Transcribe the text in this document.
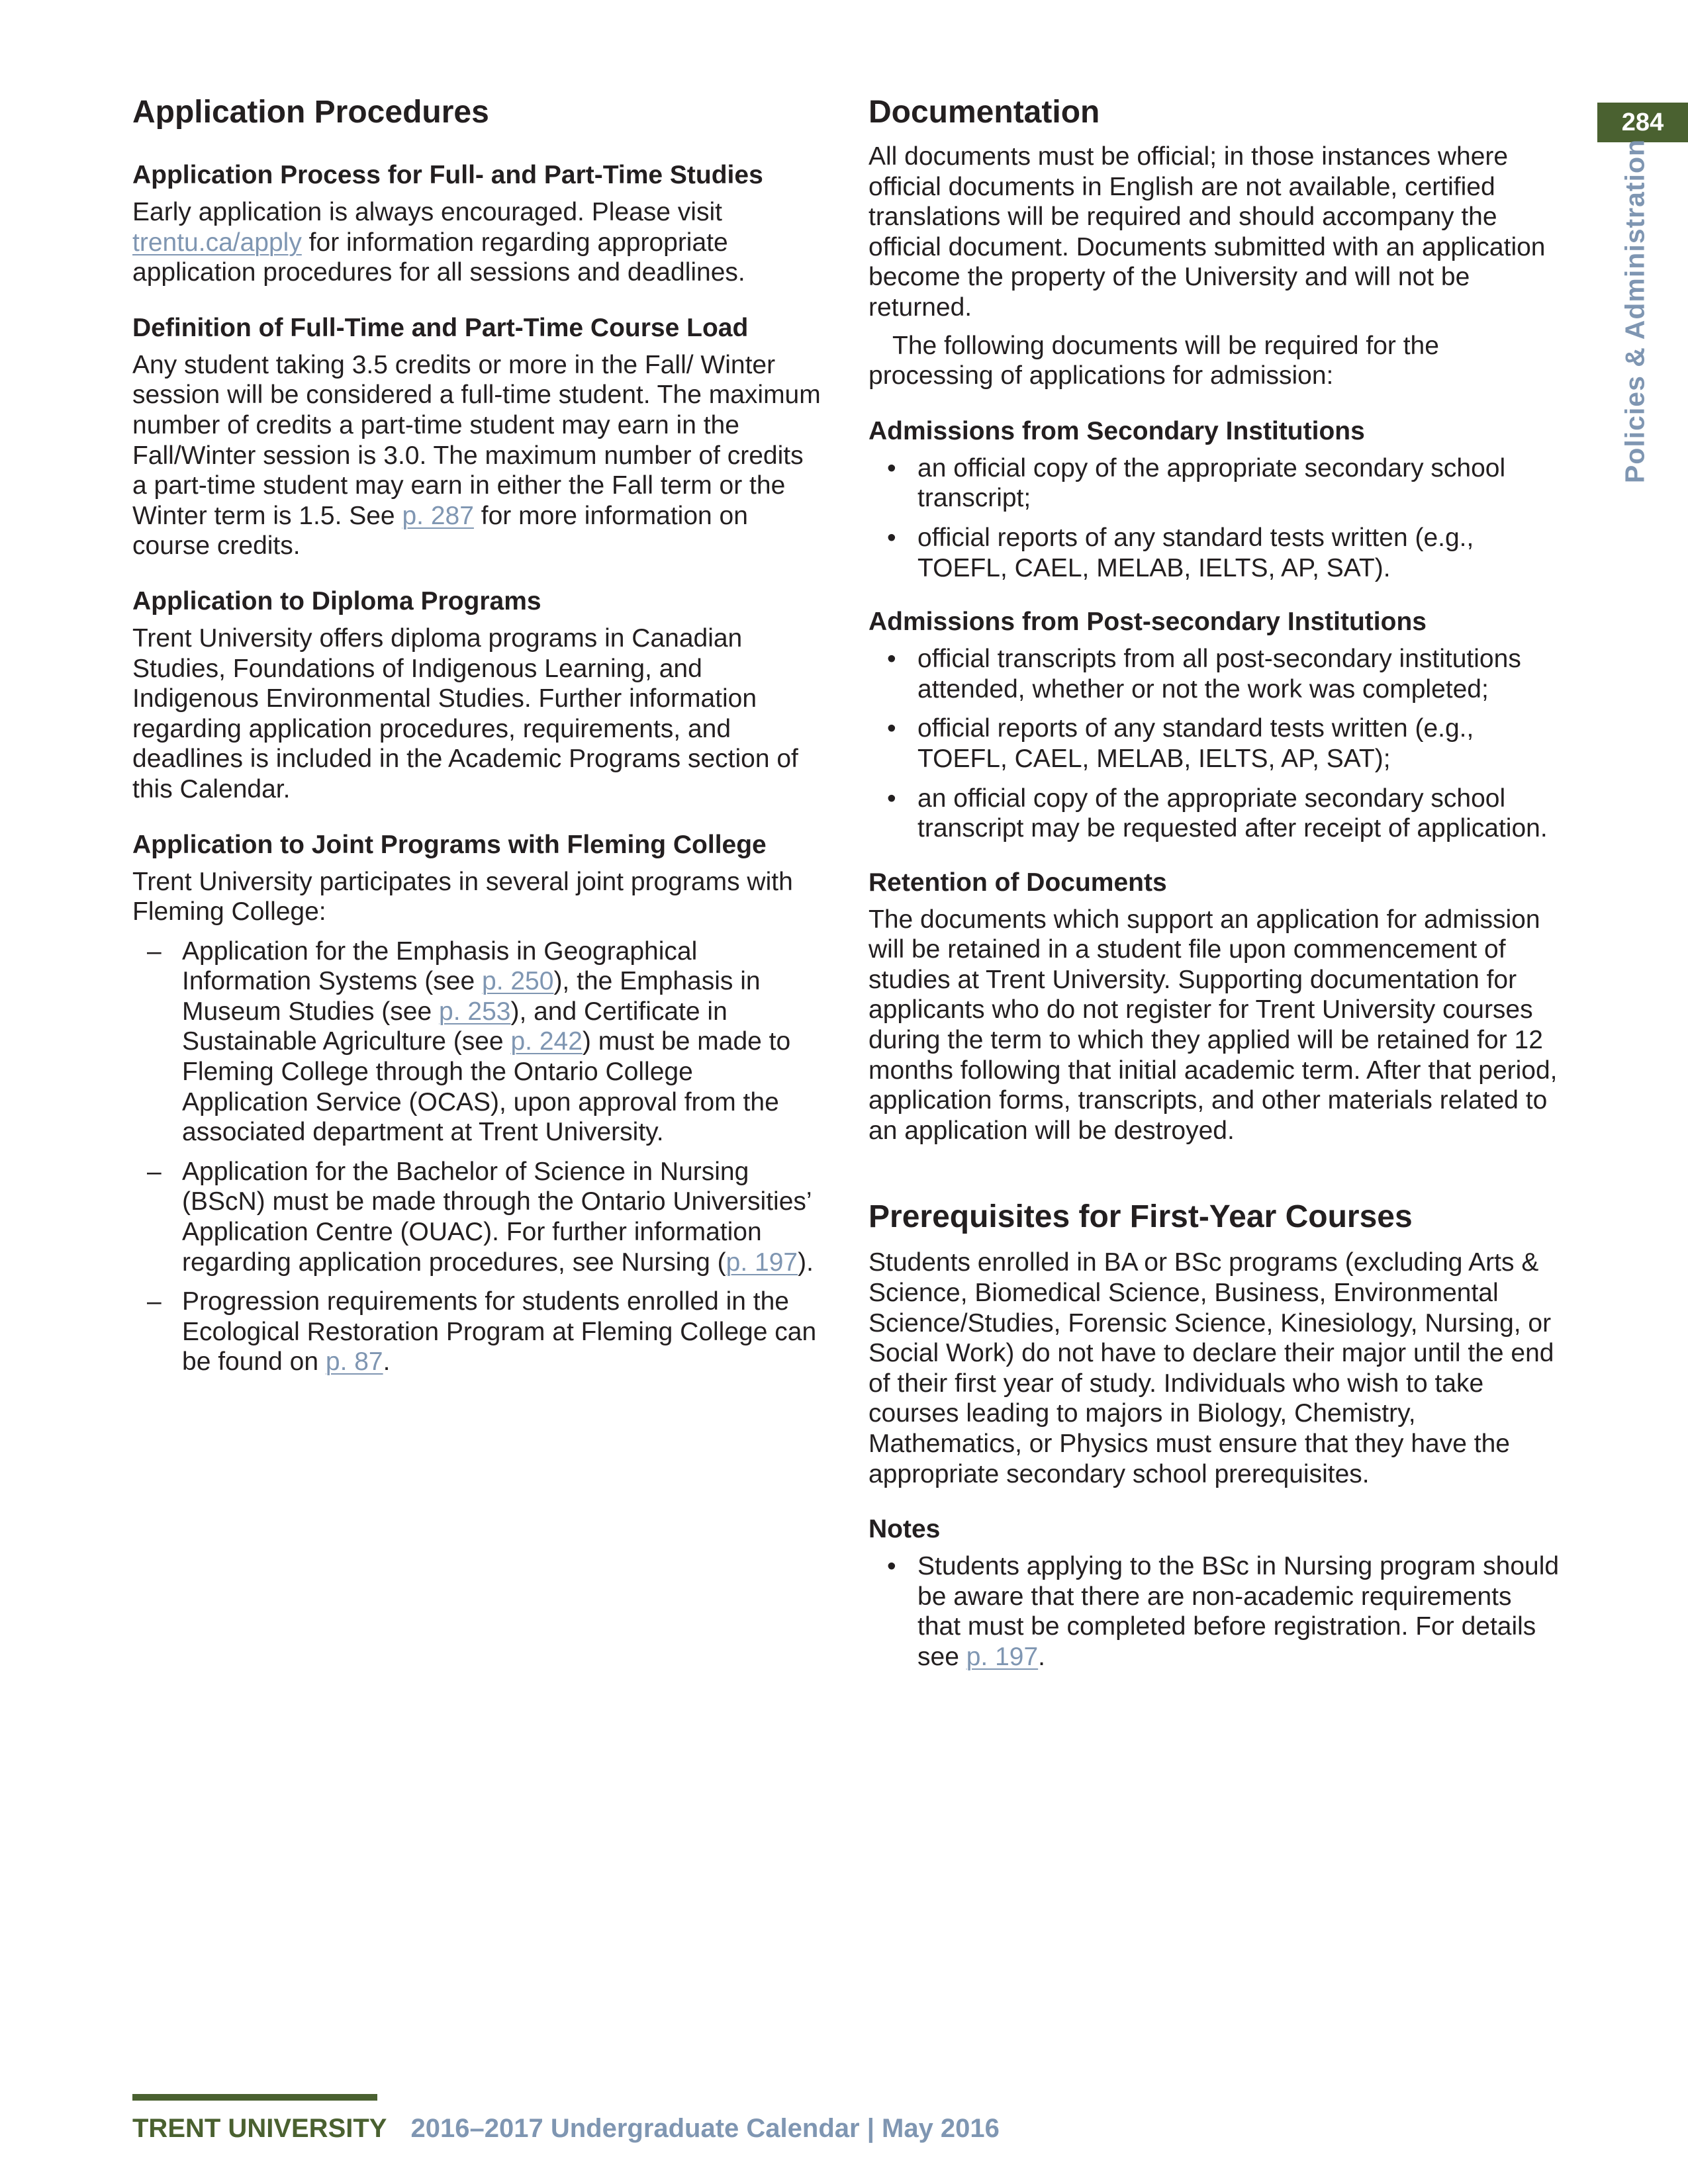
284
Policies & Administration
Application Procedures
Application Process for Full- and Part-Time Studies

Early application is always encouraged. Please visit trentu.ca/apply for information regarding appropriate application procedures for all sessions and deadlines.

Definition of Full-Time and Part-Time Course Load

Any student taking 3.5 credits or more in the Fall/ Winter session will be considered a full-time student. The maximum number of credits a part-time student may earn in the Fall/Winter session is 3.0. The maximum number of credits a part-time student may earn in either the Fall term or the Winter term is 1.5. See p. 287 for more information on course credits.

Application to Diploma Programs

Trent University offers diploma programs in Canadian Studies, Foundations of Indigenous Learning, and Indigenous Environmental Studies. Further information regarding application procedures, requirements, and deadlines is included in the Academic Programs section of this Calendar.

Application to Joint Programs with Fleming College

Trent University participates in several joint programs with Fleming College:

– Application for the Emphasis in Geographical Information Systems (see p. 250), the Emphasis in Museum Studies (see p. 253), and Certificate in Sustainable Agriculture (see p. 242) must be made to Fleming College through the Ontario College Application Service (OCAS), upon approval from the associated department at Trent University.
– Application for the Bachelor of Science in Nursing (BScN) must be made through the Ontario Universities’ Application Centre (OUAC). For further information regarding application procedures, see Nursing (p. 197).
– Progression requirements for students enrolled in the Ecological Restoration Program at Fleming College can be found on p. 87.
Documentation

All documents must be official; in those instances where official documents in English are not available, certified translations will be required and should accompany the official document. Documents submitted with an application become the property of the University and will not be returned.

The following documents will be required for the processing of applications for admission:

Admissions from Secondary Institutions
• an official copy of the appropriate secondary school transcript;
• official reports of any standard tests written (e.g., TOEFL, CAEL, MELAB, IELTS, AP, SAT).
Admissions from Post-secondary Institutions
• official transcripts from all post-secondary institutions attended, whether or not the work was completed;
• official reports of any standard tests written (e.g., TOEFL, CAEL, MELAB, IELTS, AP, SAT);
• an official copy of the appropriate secondary school transcript may be requested after receipt of application.
Retention of Documents

The documents which support an application for admission will be retained in a student file upon commencement of studies at Trent University. Supporting documentation for applicants who do not register for Trent University courses during the term to which they applied will be retained for 12 months following that initial academic term. After that period, application forms, transcripts, and other materials related to an application will be destroyed.

Prerequisites for First-Year Courses

Students enrolled in BA or BSc programs (excluding Arts & Science, Biomedical Science, Business, Environmental Science/Studies, Forensic Science, Kinesiology, Nursing, or Social Work) do not have to declare their major until the end of their first year of study. Individuals who wish to take courses leading to majors in Biology, Chemistry, Mathematics, or Physics must ensure that they have the appropriate secondary school prerequisites.

Notes
• Students applying to the BSc in Nursing program should be aware that there are non-academic requirements that must be completed before registration. For details see p. 197.
TRENT UNIVERSITY 2016–2017 Undergraduate Calendar | May 2016
